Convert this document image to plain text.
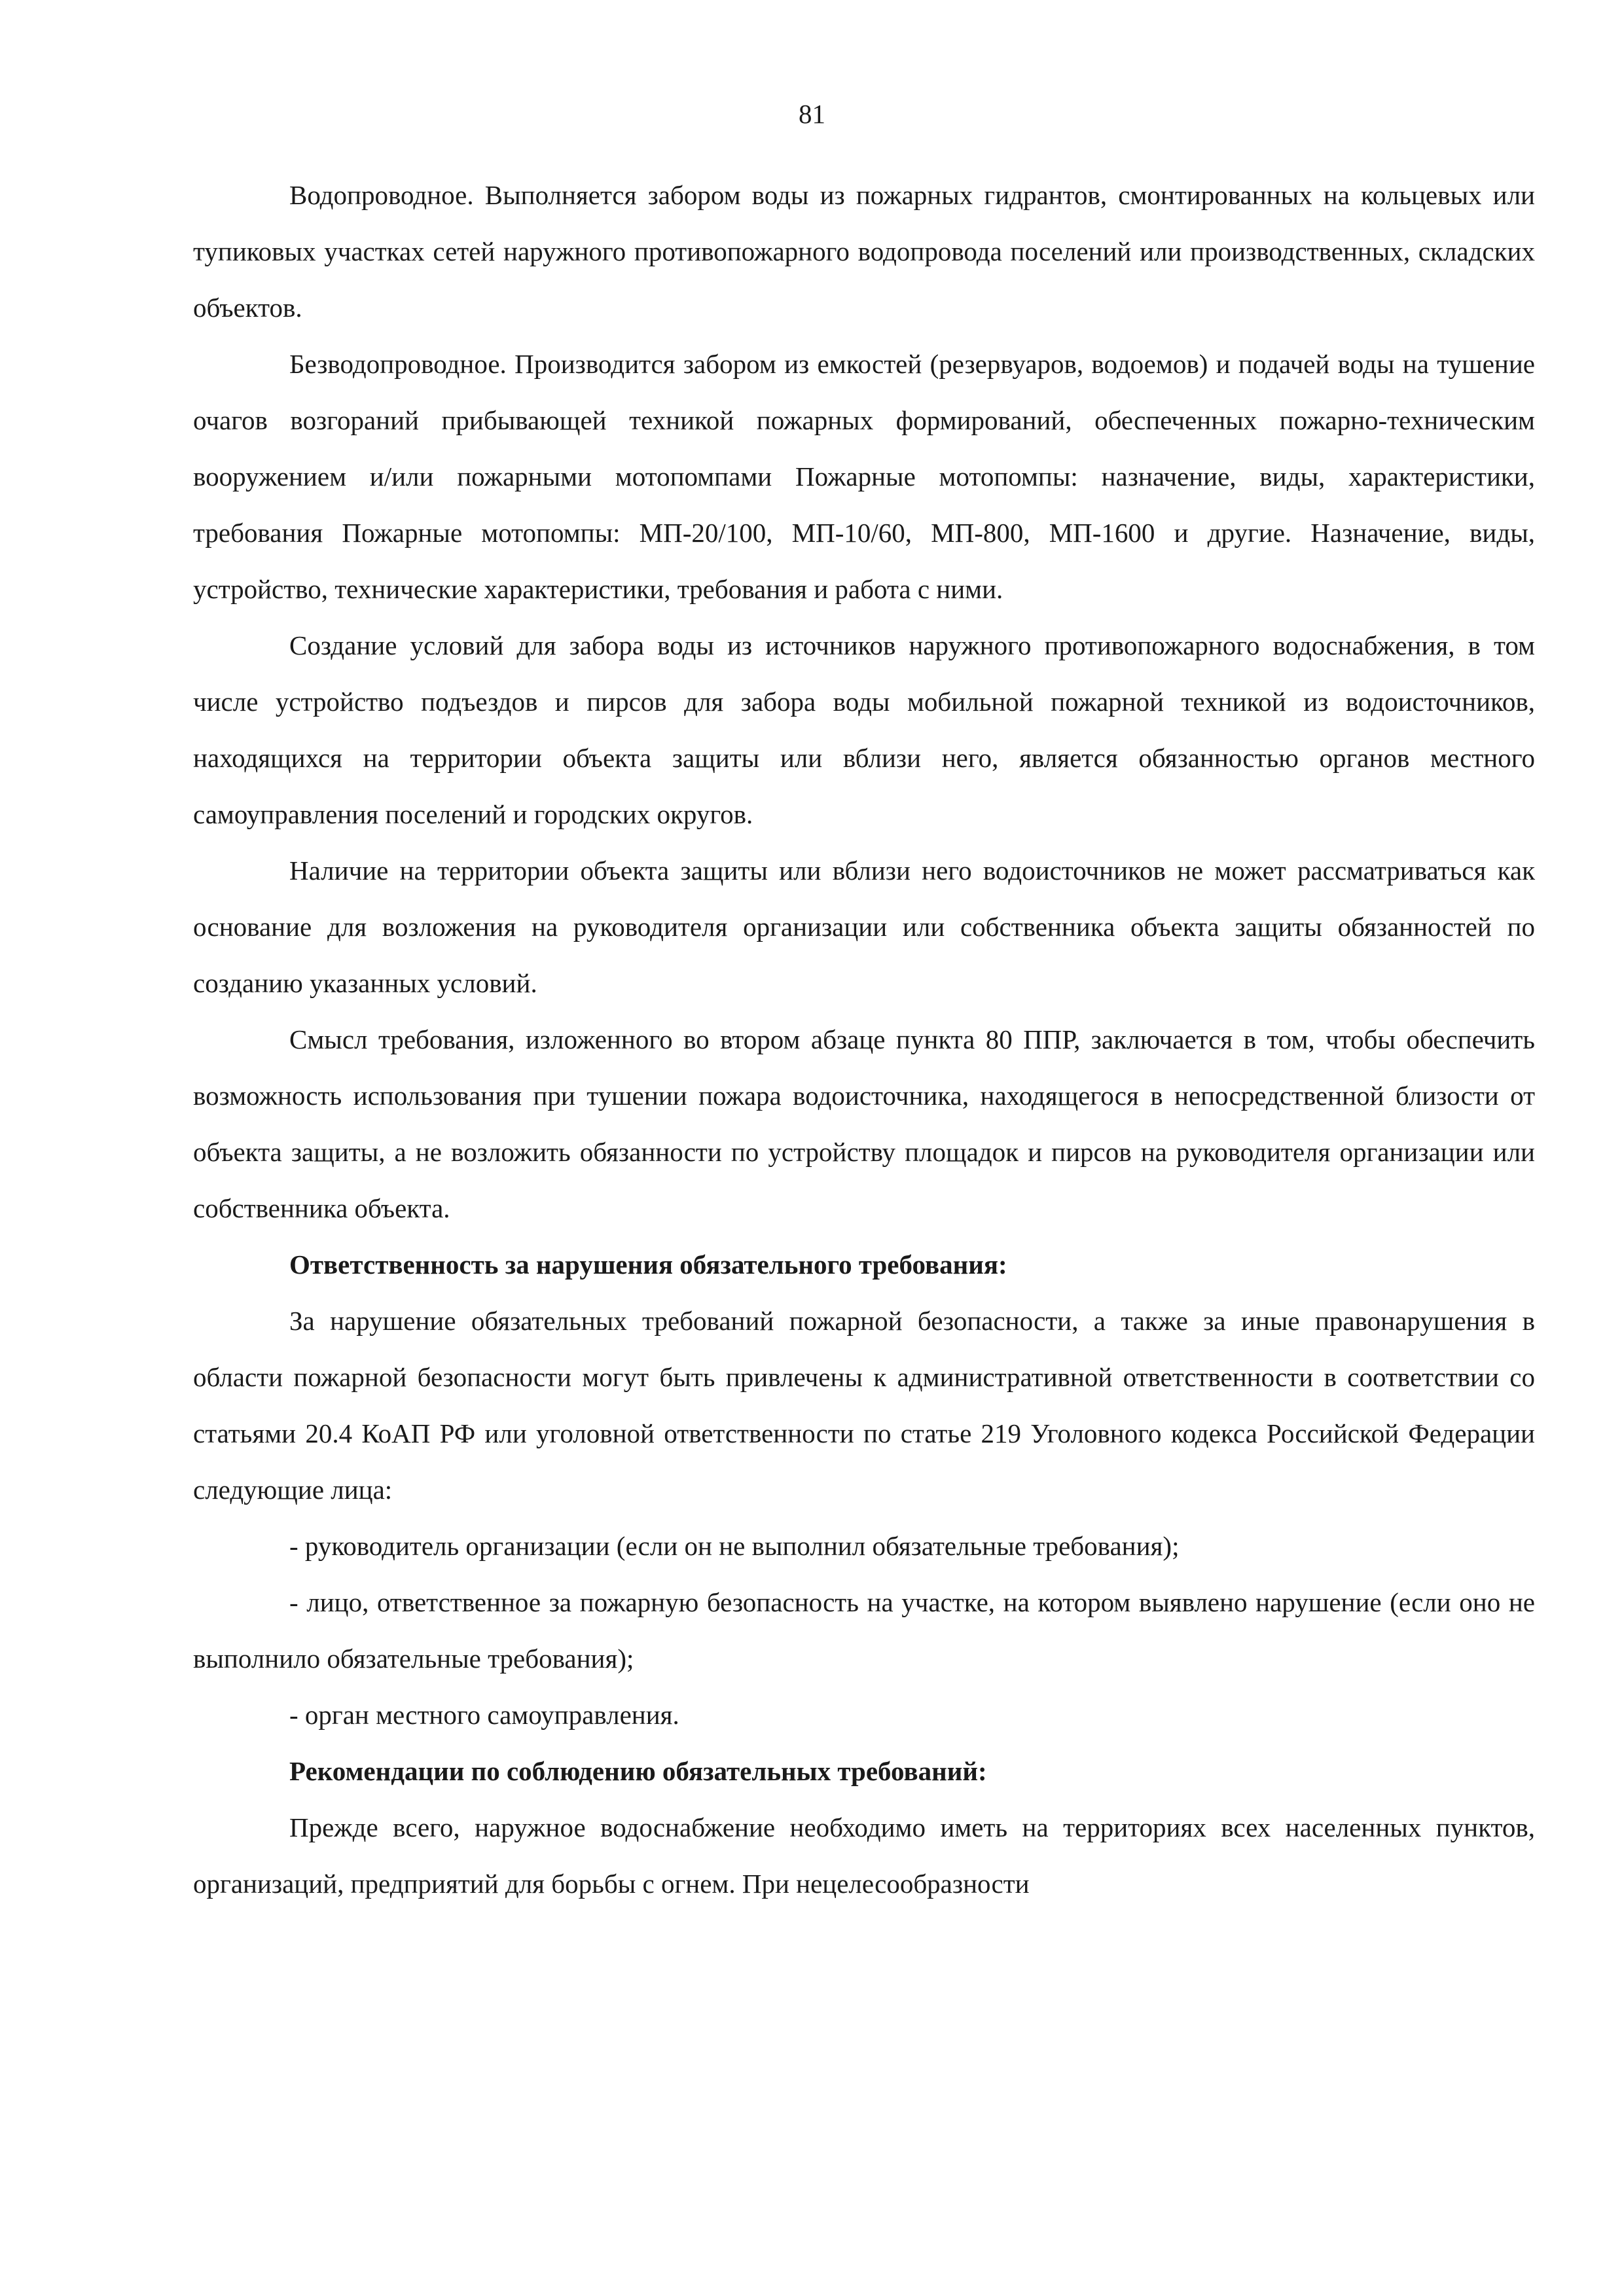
81

Водопроводное. Выполняется забором воды из пожарных гидрантов, смонтированных на кольцевых или тупиковых участках сетей наружного противопожарного водопровода поселений или производственных, складских объектов.

Безводопроводное. Производится забором из емкостей (резервуаров, водоемов) и подачей воды на тушение очагов возгораний прибывающей техникой пожарных формирований, обеспеченных пожарно-техническим вооружением и/или пожарными мотопомпами Пожарные мотопомпы: назначение, виды, характеристики, требования Пожарные мотопомпы: МП-20/100, МП-10/60, МП-800, МП-1600 и другие. Назначение, виды, устройство, технические характеристики, требования и работа с ними.

Создание условий для забора воды из источников наружного противопожарного водоснабжения, в том числе устройство подъездов и пирсов для забора воды мобильной пожарной техникой из водоисточников, находящихся на территории объекта защиты или вблизи него, является обязанностью органов местного самоуправления поселений и городских округов.

Наличие на территории объекта защиты или вблизи него водоисточников не может рассматриваться как основание для возложения на руководителя организации или собственника объекта защиты обязанностей по созданию указанных условий.

Смысл требования, изложенного во втором абзаце пункта 80 ППР, заключается в том, чтобы обеспечить возможность использования при тушении пожара водоисточника, находящегося в непосредственной близости от объекта защиты, а не возложить обязанности по устройству площадок и пирсов на руководителя организации или собственника объекта.

Ответственность за нарушения обязательного требования:

За нарушение обязательных требований пожарной безопасности, а также за иные правонарушения в области пожарной безопасности могут быть привлечены к административной ответственности в соответствии со статьями 20.4 КоАП РФ или уголовной ответственности по статье 219 Уголовного кодекса Российской Федерации следующие лица:

- руководитель организации (если он не выполнил обязательные требования);

- лицо, ответственное за пожарную безопасность на участке, на котором выявлено нарушение (если оно не выполнило обязательные требования);

- орган местного самоуправления.

Рекомендации по соблюдению обязательных требований:

Прежде всего, наружное водоснабжение необходимо иметь на территориях всех населенных пунктов, организаций, предприятий для борьбы с огнем. При нецелесообразности
